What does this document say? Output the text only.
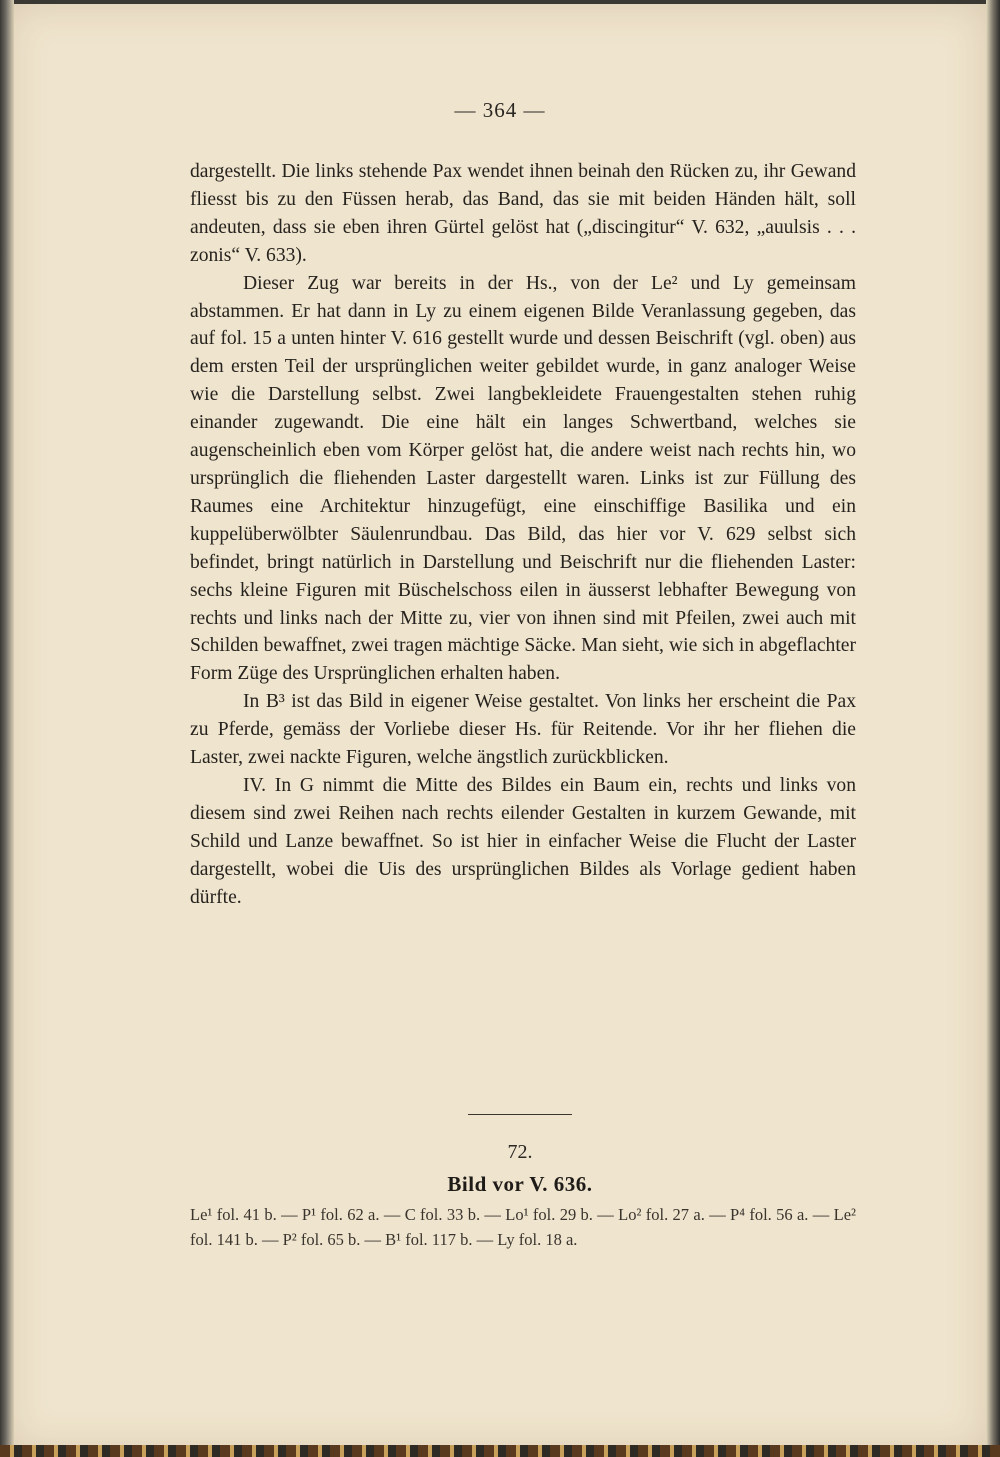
— 364 —

dargestellt. Die links stehende Pax wendet ihnen beinah den Rücken zu, ihr Gewand fliesst bis zu den Füssen herab, das Band, das sie mit beiden Händen hält, soll andeuten, dass sie eben ihren Gürtel gelöst hat („discingitur“ V. 632, „auulsis . . . zonis“ V. 633).

Dieser Zug war bereits in der Hs., von der Le² und Ly gemeinsam abstammen. Er hat dann in Ly zu einem eigenen Bilde Veranlassung gegeben, das auf fol. 15 a unten hinter V. 616 gestellt wurde und dessen Beischrift (vgl. oben) aus dem ersten Teil der ursprünglichen weiter gebildet wurde, in ganz analoger Weise wie die Darstellung selbst. Zwei langbekleidete Frauengestalten stehen ruhig einander zugewandt. Die eine hält ein langes Schwertband, welches sie augenscheinlich eben vom Körper gelöst hat, die andere weist nach rechts hin, wo ursprünglich die fliehenden Laster dargestellt waren. Links ist zur Füllung des Raumes eine Architektur hinzugefügt, eine einschiffige Basilika und ein kuppelüberwölbter Säulenrundbau. Das Bild, das hier vor V. 629 selbst sich befindet, bringt natürlich in Darstellung und Beischrift nur die fliehenden Laster: sechs kleine Figuren mit Büschelschoss eilen in äusserst lebhafter Bewegung von rechts und links nach der Mitte zu, vier von ihnen sind mit Pfeilen, zwei auch mit Schilden bewaffnet, zwei tragen mächtige Säcke. Man sieht, wie sich in abgeflachter Form Züge des Ursprünglichen erhalten haben.

In B³ ist das Bild in eigener Weise gestaltet. Von links her erscheint die Pax zu Pferde, gemäss der Vorliebe dieser Hs. für Reitende. Vor ihr her fliehen die Laster, zwei nackte Figuren, welche ängstlich zurückblicken.

IV. In G nimmt die Mitte des Bildes ein Baum ein, rechts und links von diesem sind zwei Reihen nach rechts eilender Gestalten in kurzem Gewande, mit Schild und Lanze bewaffnet. So ist hier in einfacher Weise die Flucht der Laster dargestellt, wobei die Uis des ursprünglichen Bildes als Vorlage gedient haben dürfte.

72.
Bild vor V. 636.
Le¹ fol. 41 b. — P¹ fol. 62 a. — C fol. 33 b. — Lo¹ fol. 29 b. — Lo² fol. 27 a. — P⁴ fol. 56 a. — Le² fol. 141 b. — P² fol. 65 b. — B¹ fol. 117 b. — Ly fol. 18 a.
